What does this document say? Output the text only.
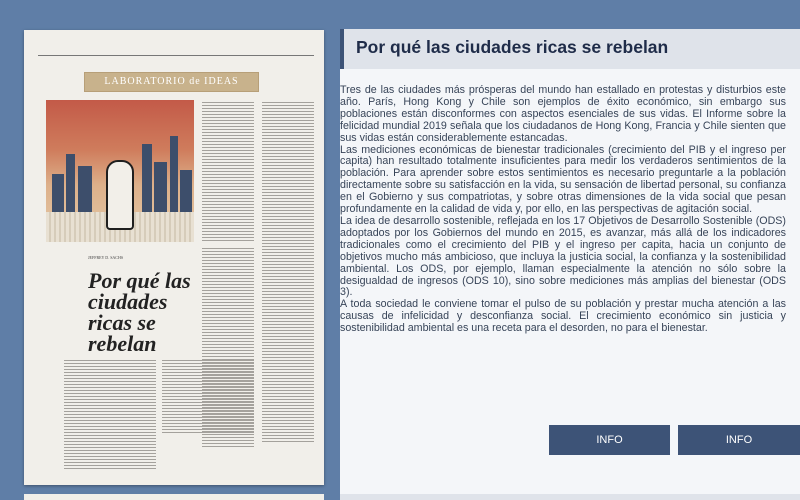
LABORATORIO de IDEAS
JEFFREY D. SACHS
Por qué las ciudades ricas se rebelan
Por qué las ciudades ricas se rebelan

Tres de las ciudades más prósperas del mundo han estallado en protestas y disturbios este año. París, Hong Kong y Chile son ejemplos de éxito económico, sin embargo sus poblaciones están disconformes con aspectos esenciales de sus vidas. El Informe sobre la felicidad mundial 2019 señala que los ciudadanos de Hong Kong, Francia y Chile sienten que sus vidas están considerablemente estancadas.

Las mediciones económicas de bienestar tradicionales (crecimiento del PIB y el ingreso per capita) han resultado totalmente insuficientes para medir los verdaderos sentimientos de la población. Para aprender sobre estos sentimientos es necesario preguntarle a la población directamente sobre su satisfacción en la vida, su sensación de libertad personal, su confianza en el Gobierno y sus compatriotas, y sobre otras dimensiones de la vida social que pesan profundamente en la calidad de vida y, por ello, en las perspectivas de agitación social.

La idea de desarrollo sostenible, reflejada en los 17 Objetivos de Desarrollo Sostenible (ODS) adoptados por los Gobiernos del mundo en 2015, es avanzar, más allá de los indicadores tradicionales como el crecimiento del PIB y el ingreso per capita, hacia un conjunto de objetivos mucho más ambicioso, que incluya la justicia social, la confianza y la sostenibilidad ambiental. Los ODS, por ejemplo, llaman especialmente la atención no sólo sobre la desigualdad de ingresos (ODS 10), sino sobre mediciones más amplias del bienestar (ODS 3).

A toda sociedad le conviene tomar el pulso de su población y prestar mucha atención a las causas de infelicidad y desconfianza social. El crecimiento económico sin justicia y sostenibilidad ambiental es una receta para el desorden, no para el bienestar.

INFO	INFO
